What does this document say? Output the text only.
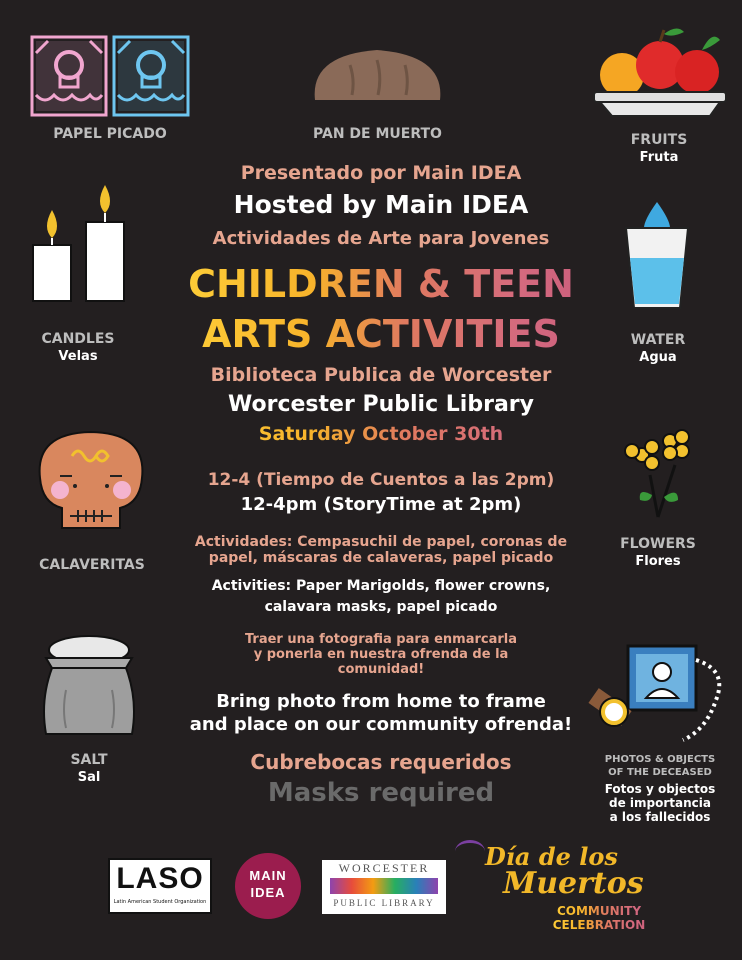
PAPEL PICADO	PAN DE MUERTO	FRUITS
Fruta
CANDLES
Velas
WATER
Agua
CALAVERITAS
FLOWERS
Flores
SALT
Sal
PHOTOS & OBJECTS
OF THE DECEASED
Fotos y objectos
de importancia
a los fallecidos
Presentado por Main IDEA
Hosted by Main IDEA
Actividades de Arte para Jovenes
CHILDREN & TEEN
ARTS ACTIVITIES
Biblioteca Publica de Worcester
Worcester Public Library
Saturday October 30th
12-4 (Tiempo de Cuentos a las 2pm)
12-4pm (StoryTime at 2pm)
Actividades: Cempasuchil de papel, coronas de
papel, máscaras de calaveras, papel picado
Activities: Paper Marigolds, flower crowns,
calavara masks, papel picado
Traer una fotografia para enmarcarla
y ponerla en nuestra ofrenda de la
comunidad!
Bring photo from home to frame
and place on our community ofrenda!
Cubrebocas requeridos
Masks required
LASO
Latin American Student Organization
MAIN
IDEA
WORCESTER
PUBLIC LIBRARY
Día de los
Muertos
COMMUNITY
CELEBRATION
